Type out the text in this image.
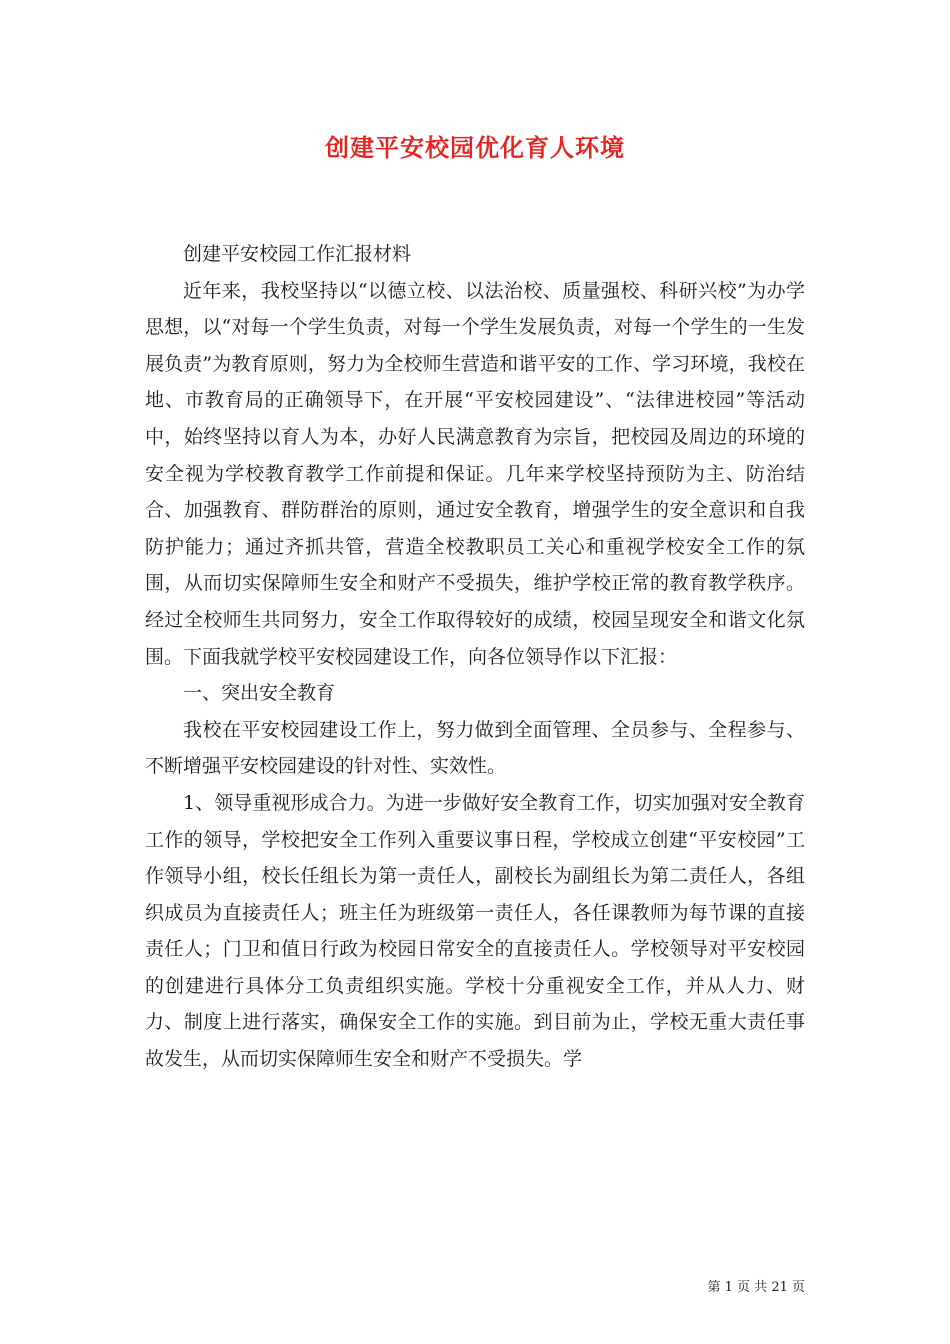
创建平安校园优化育人环境

创建平安校园工作汇报材料

近年来，我校坚持以“以德立校、以法治校、质量强校、科研兴校”为办学思想，以“对每一个学生负责，对每一个学生发展负责，对每一个学生的一生发展负责”为教育原则，努力为全校师生营造和谐平安的工作、学习环境，我校在地、市教育局的正确领导下，在开展“平安校园建设”、“法律进校园”等活动中，始终坚持以育人为本，办好人民满意教育为宗旨，把校园及周边的环境的安全视为学校教育教学工作前提和保证。几年来学校坚持预防为主、防治结合、加强教育、群防群治的原则，通过安全教育，增强学生的安全意识和自我防护能力；通过齐抓共管，营造全校教职员工关心和重视学校安全工作的氛围，从而切实保障师生安全和财产不受损失，维护学校正常的教育教学秩序。经过全校师生共同努力，安全工作取得较好的成绩，校园呈现安全和谐文化氛围。下面我就学校平安校园建设工作，向各位领导作以下汇报：

一、突出安全教育

我校在平安校园建设工作上，努力做到全面管理、全员参与、全程参与、不断增强平安校园建设的针对性、实效性。

1、领导重视形成合力。为进一步做好安全教育工作，切实加强对安全教育工作的领导，学校把安全工作列入重要议事日程，学校成立创建“平安校园”工作领导小组，校长任组长为第一责任人，副校长为副组长为第二责任人，各组织成员为直接责任人；班主任为班级第一责任人，各任课教师为每节课的直接责任人；门卫和值日行政为校园日常安全的直接责任人。学校领导对平安校园的创建进行具体分工负责组织实施。学校十分重视安全工作，并从人力、财力、制度上进行落实，确保安全工作的实施。到目前为止，学校无重大责任事故发生，从而切实保障师生安全和财产不受损失。学

第 1 页 共 21 页
